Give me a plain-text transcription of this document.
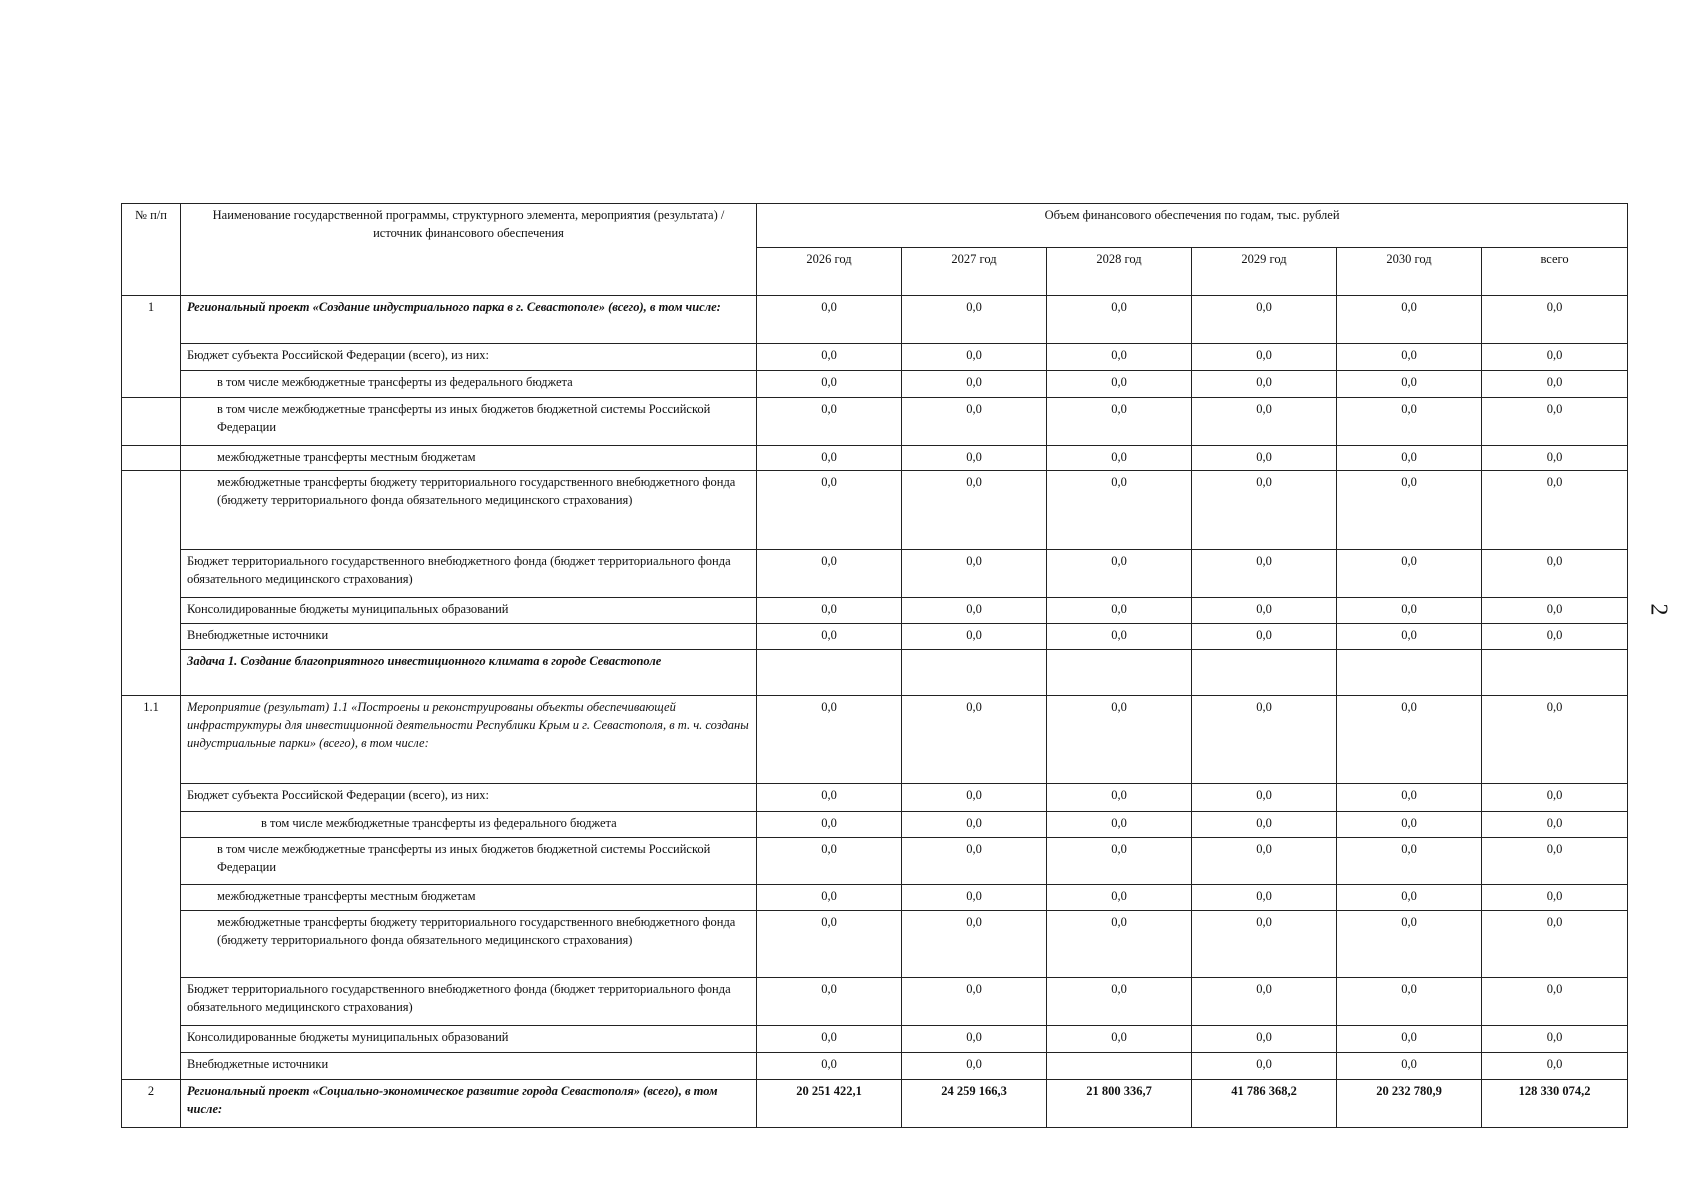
2
№ п/п	Наименование государственной программы, структурного элемента, мероприятия (результата) / источник финансового обеспечения	Объем финансового обеспечения по годам, тыс. рублей					
		2026 год	2027 год	2028 год	2029 год	2030 год	всего
1	Региональный проект «Создание индустриального парка в г. Севастополе» (всего), в том числе:	0,0	0,0	0,0	0,0	0,0	0,0
	Бюджет субъекта Российской Федерации (всего), из них:	0,0	0,0	0,0	0,0	0,0	0,0
	в том числе межбюджетные трансферты из федерального бюджета	0,0	0,0	0,0	0,0	0,0	0,0
	в том числе межбюджетные трансферты из иных бюджетов бюджетной системы Российской Федерации	0,0	0,0	0,0	0,0	0,0	0,0
	межбюджетные трансферты местным бюджетам	0,0	0,0	0,0	0,0	0,0	0,0
	межбюджетные трансферты бюджету территориального государственного внебюджетного фонда (бюджету территориального фонда обязательного медицинского страхования)	0,0	0,0	0,0	0,0	0,0	0,0
	Бюджет территориального государственного внебюджетного фонда (бюджет территориального фонда обязательного медицинского страхования)	0,0	0,0	0,0	0,0	0,0	0,0
	Консолидированные бюджеты муниципальных образований	0,0	0,0	0,0	0,0	0,0	0,0
	Внебюджетные источники	0,0	0,0	0,0	0,0	0,0	0,0
	Задача 1. Создание благоприятного инвестиционного климата в городе Севастополе						
1.1	Мероприятие (результат) 1.1 «Построены и реконструированы объекты обеспечивающей инфраструктуры для инвестиционной деятельности Республики Крым и г. Севастополя, в т. ч. созданы индустриальные парки» (всего), в том числе:	0,0	0,0	0,0	0,0	0,0	0,0
	Бюджет субъекта Российской Федерации (всего), из них:	0,0	0,0	0,0	0,0	0,0	0,0
	в том числе межбюджетные трансферты из федерального бюджета	0,0	0,0	0,0	0,0	0,0	0,0
	в том числе межбюджетные трансферты из иных бюджетов бюджетной системы Российской Федерации	0,0	0,0	0,0	0,0	0,0	0,0
	межбюджетные трансферты местным бюджетам	0,0	0,0	0,0	0,0	0,0	0,0
	межбюджетные трансферты бюджету территориального государственного внебюджетного фонда (бюджету территориального фонда обязательного медицинского страхования)	0,0	0,0	0,0	0,0	0,0	0,0
	Бюджет территориального государственного внебюджетного фонда (бюджет территориального фонда обязательного медицинского страхования)	0,0	0,0	0,0	0,0	0,0	0,0
	Консолидированные бюджеты муниципальных образований	0,0	0,0	0,0	0,0	0,0	0,0
	Внебюджетные источники	0,0	0,0		0,0	0,0	0,0
2	Региональный проект «Социально-экономическое развитие города Севастополя» (всего), в том числе:	20 251 422,1	24 259 166,3	21 800 336,7	41 786 368,2	20 232 780,9	128 330 074,2
